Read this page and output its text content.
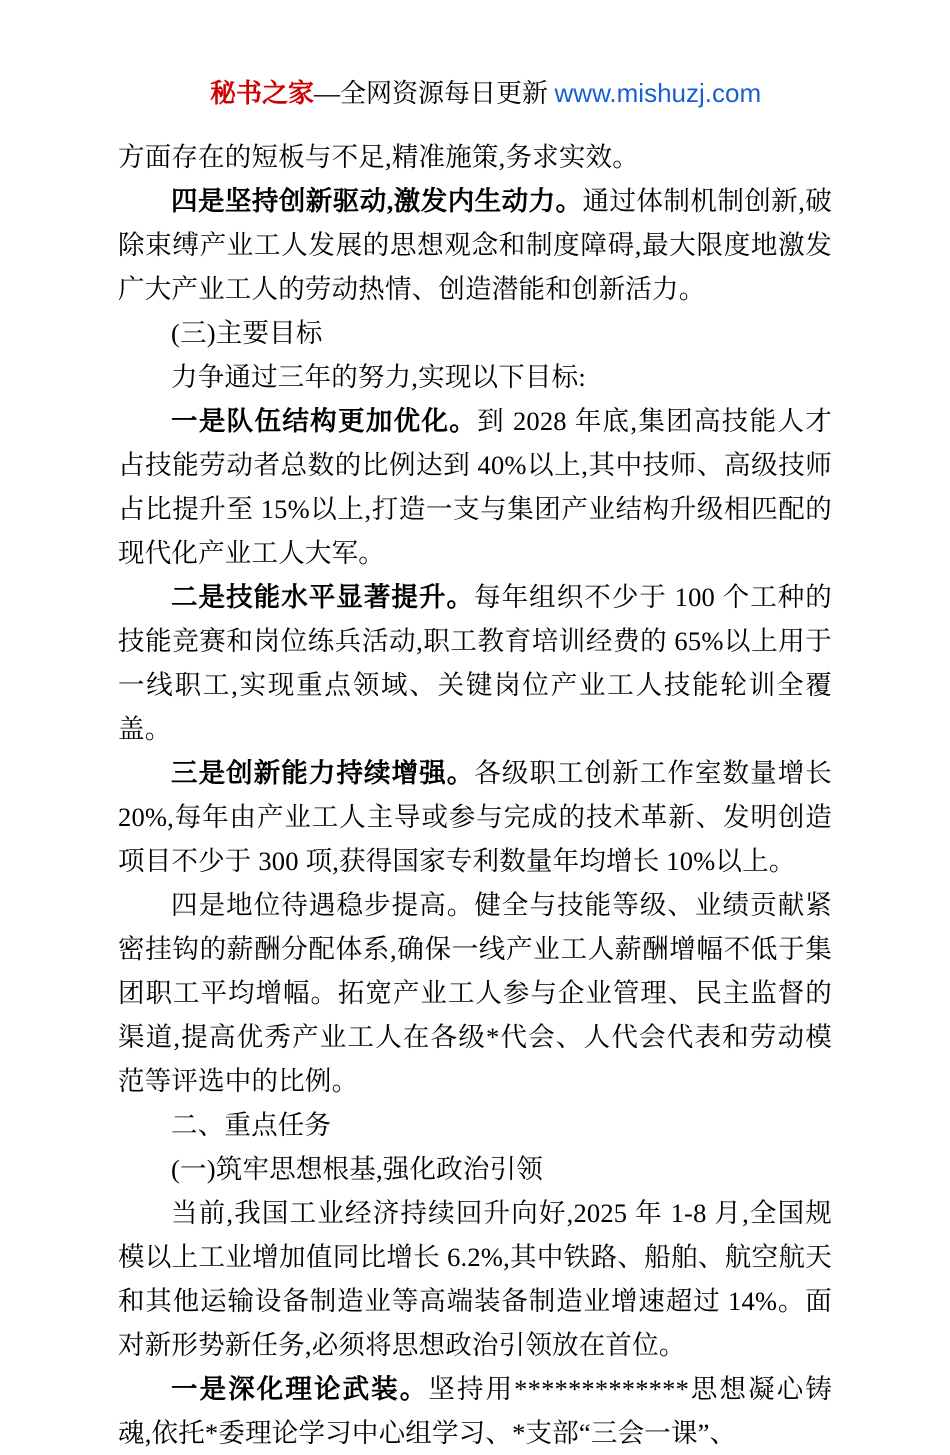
秘书之家—全网资源每日更新 www.mishuzj.com

方面存在的短板与不足,精准施策,务求实效。

四是坚持创新驱动,激发内生动力。通过体制机制创新,破除束缚产业工人发展的思想观念和制度障碍,最大限度地激发广大产业工人的劳动热情、创造潜能和创新活力。

(三)主要目标

力争通过三年的努力,实现以下目标:

一是队伍结构更加优化。到 2028 年底,集团高技能人才占技能劳动者总数的比例达到 40%以上,其中技师、高级技师占比提升至 15%以上,打造一支与集团产业结构升级相匹配的现代化产业工人大军。

二是技能水平显著提升。每年组织不少于 100 个工种的技能竞赛和岗位练兵活动,职工教育培训经费的 65%以上用于一线职工,实现重点领域、关键岗位产业工人技能轮训全覆盖。

三是创新能力持续增强。各级职工创新工作室数量增长 20%,每年由产业工人主导或参与完成的技术革新、发明创造项目不少于 300 项,获得国家专利数量年均增长 10%以上。

四是地位待遇稳步提高。健全与技能等级、业绩贡献紧密挂钩的薪酬分配体系,确保一线产业工人薪酬增幅不低于集团职工平均增幅。拓宽产业工人参与企业管理、民主监督的渠道,提高优秀产业工人在各级*代会、人代会代表和劳动模范等评选中的比例。

二、重点任务

(一)筑牢思想根基,强化政治引领

当前,我国工业经济持续回升向好,2025 年 1-8 月,全国规模以上工业增加值同比增长 6.2%,其中铁路、船舶、航空航天和其他运输设备制造业等高端装备制造业增速超过 14%。面对新形势新任务,必须将思想政治引领放在首位。

一是深化理论武装。坚持用*************思想凝心铸魂,依托*委理论学习中心组学习、*支部“三会一课”、
